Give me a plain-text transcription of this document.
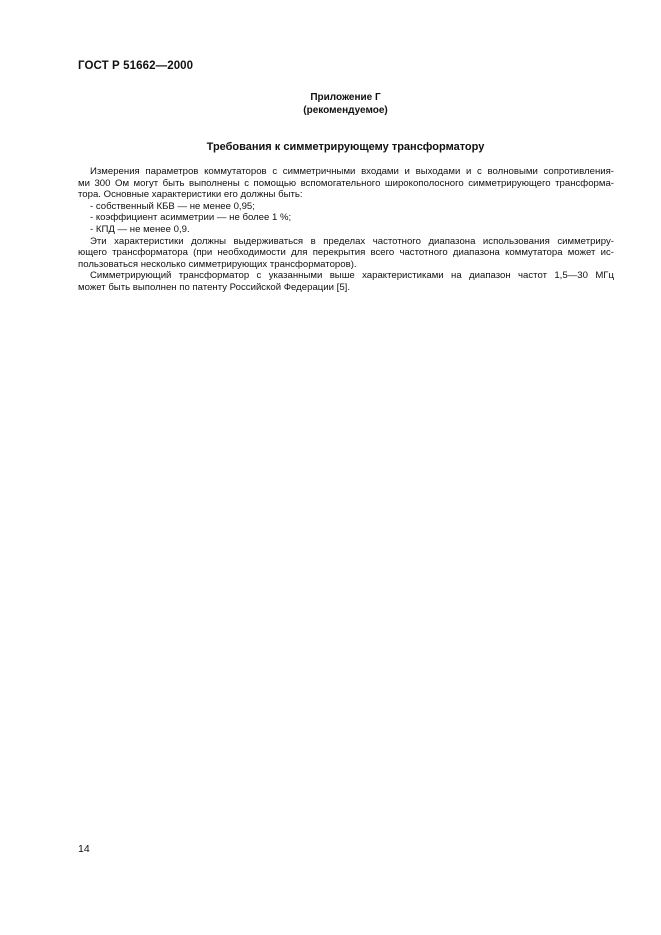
ГОСТ Р 51662—2000
Приложение Г
(рекомендуемое)
Требования к симметрирующему трансформатору
Измерения параметров коммутаторов с симметричными входами и выходами и с волновыми сопротивления-
ми 300 Ом могут быть выполнены с помощью вспомогательного широкополосного симметрирующего трансформа-
тора. Основные характеристики его должны быть:
- собственный КБВ — не менее 0,95;
- коэффициент асимметрии — не более 1 %;
- КПД — не менее 0,9.
Эти характеристики должны выдерживаться в пределах частотного диапазона использования симметриру-
ющего трансформатора (при необходимости для перекрытия всего частотного диапазона коммутатора может ис-
пользоваться несколько симметрирующих трансформаторов).
Симметрирующий трансформатор с указанными выше характеристиками на диапазон частот 1,5—30 МГц
может быть выполнен по патенту Российской Федерации [5].
14
